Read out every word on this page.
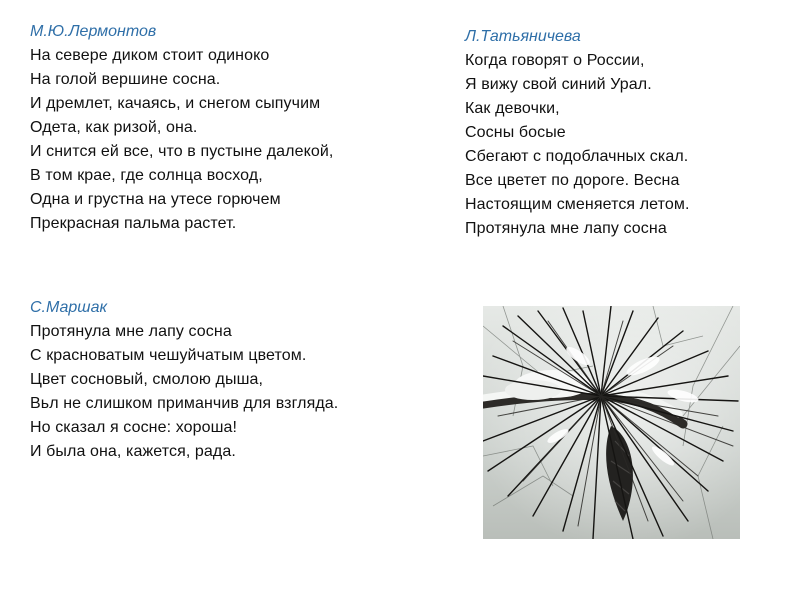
М.Ю.Лермонтов

На севере диком стоит одиноко
На голой вершине сосна.
И дремлет, качаясь, и снегом сыпучим
Одета, как ризой, она.
И снится ей все, что в пустыне далекой,
В том крае, где солнца восход,
Одна и грустна на утесе горючем
Прекрасная пальма растет.

Л.Татьяничева

Когда говорят о России,
Я вижу свой синий Урал.
Как девочки,
Сосны босые
Сбегают с подоблачных скал.
Все цветет по дороге. Весна
Настоящим сменяется летом.
Протянула мне лапу сосна

С.Маршак

Протянула мне лапу сосна
С красноватым чешуйчатым цветом.
Цвет сосновый, смолою дыша,
Вьл не слишком приманчив для взгляда.
Но сказал я сосне: хороша!
И была она, кажется, рада.
